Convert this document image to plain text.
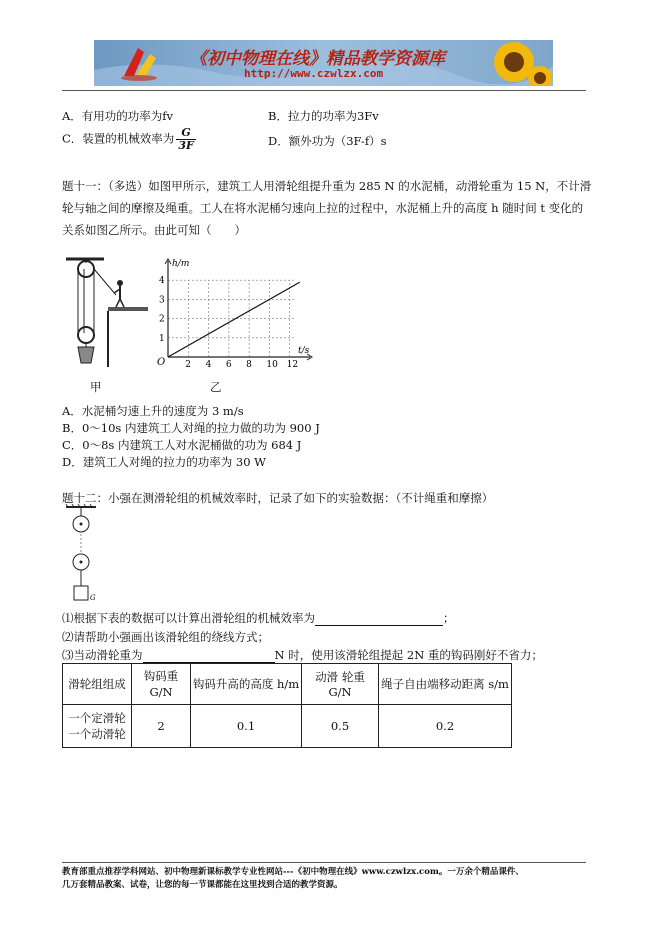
《初中物理在线》精品教学资源库
http://www.czwlzx.com
A．有用功的功率为fv	B．拉力的功率为3Fv
C．装置的机械效率为 $\frac{G}{3F}$	D．额外功为（3F-f）s
题十一：（多选）如图甲所示，建筑工人用滑轮组提升重为 285 N 的水泥桶，动滑轮重为 15 N，不计滑轮与轴之间的摩擦及绳重。工人在将水泥桶匀速向上拉的过程中，水泥桶上升的高度 h 随时间 t 变化的关系如图乙所示。由此可知（　　）
甲
2 4 6 8 10 12
1
2
3
4
h/m
t/s
O
乙
A．水泥桶匀速上升的速度为 3 m/s
B．0～10s 内建筑工人对绳的拉力做的功为 900 J
C．0～8s 内建筑工人对水泥桶做的功为 684 J
D．建筑工人对绳的拉力的功率为 30 W
题十二：小强在测滑轮组的机械效率时，记录了如下的实验数据：（不计绳重和摩擦）
G
⑴根据下表的数据可以计算出滑轮组的机械效率为	；
⑵请帮助小强画出该滑轮组的绕线方式；
⑶当动滑轮重为	N 时，使用该滑轮组提起 2N 重的钩码刚好不省力；
滑轮组组成	钩码重 G/N	钩码升高的高度 h/m	动滑 轮重 G/N	绳子自由端移动距离 s/m

一个定滑轮
一个动滑轮	2	0.1	0.5	0.2
教育部重点推荐学科网站、初中物理新课标教学专业性网站---《初中物理在线》www.czwlzx.com。一万余个精品课件、
几万套精品教案、试卷，让您的每一节课都能在这里找到合适的教学资源。
